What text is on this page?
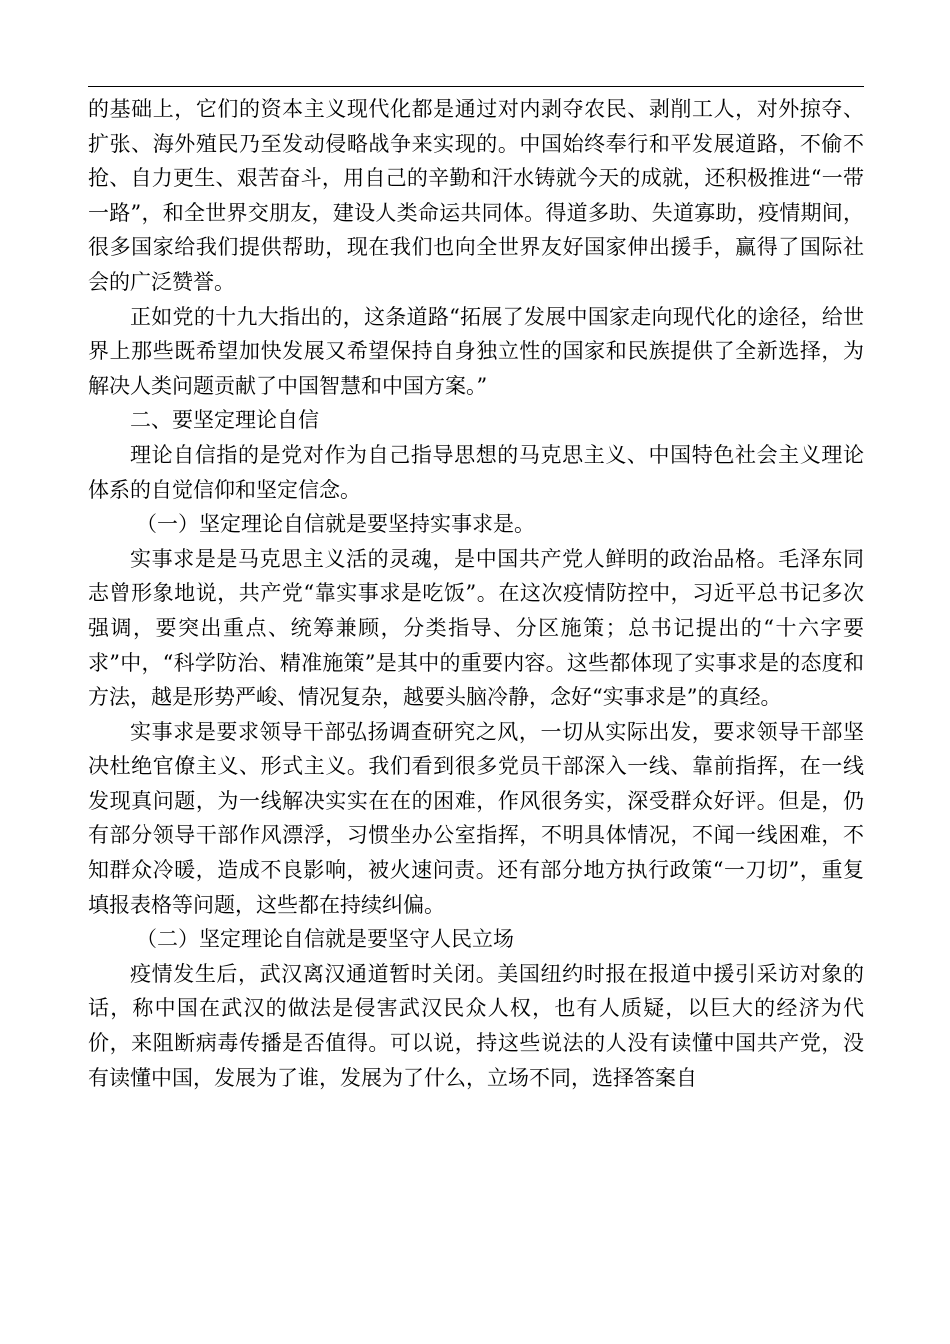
的基础上，它们的资本主义现代化都是通过对内剥夺农民、剥削工人，对外掠夺、扩张、海外殖民乃至发动侵略战争来实现的。中国始终奉行和平发展道路，不偷不抢、自力更生、艰苦奋斗，用自己的辛勤和汗水铸就今天的成就，还积极推进“一带一路”，和全世界交朋友，建设人类命运共同体。得道多助、失道寡助，疫情期间，很多国家给我们提供帮助，现在我们也向全世界友好国家伸出援手，赢得了国际社会的广泛赞誉。

正如党的十九大指出的，这条道路“拓展了发展中国家走向现代化的途径，给世界上那些既希望加快发展又希望保持自身独立性的国家和民族提供了全新选择，为解决人类问题贡献了中国智慧和中国方案。”

二、要坚定理论自信

理论自信指的是党对作为自己指导思想的马克思主义、中国特色社会主义理论体系的自觉信仰和坚定信念。

（一）坚定理论自信就是要坚持实事求是。

实事求是是马克思主义活的灵魂，是中国共产党人鲜明的政治品格。毛泽东同志曾形象地说，共产党“靠实事求是吃饭”。在这次疫情防控中，习近平总书记多次强调，要突出重点、统筹兼顾，分类指导、分区施策；总书记提出的“十六字要求”中，“科学防治、精准施策”是其中的重要内容。这些都体现了实事求是的态度和方法，越是形势严峻、情况复杂，越要头脑冷静，念好“实事求是”的真经。

实事求是要求领导干部弘扬调查研究之风，一切从实际出发，要求领导干部坚决杜绝官僚主义、形式主义。我们看到很多党员干部深入一线、靠前指挥，在一线发现真问题，为一线解决实实在在的困难，作风很务实，深受群众好评。但是，仍有部分领导干部作风漂浮，习惯坐办公室指挥，不明具体情况，不闻一线困难，不知群众冷暖，造成不良影响，被火速问责。还有部分地方执行政策“一刀切”，重复填报表格等问题，这些都在持续纠偏。

（二）坚定理论自信就是要坚守人民立场

疫情发生后，武汉离汉通道暂时关闭。美国纽约时报在报道中援引采访对象的话，称中国在武汉的做法是侵害武汉民众人权，也有人质疑，以巨大的经济为代价，来阻断病毒传播是否值得。可以说，持这些说法的人没有读懂中国共产党，没有读懂中国，发展为了谁，发展为了什么，立场不同，选择答案自
